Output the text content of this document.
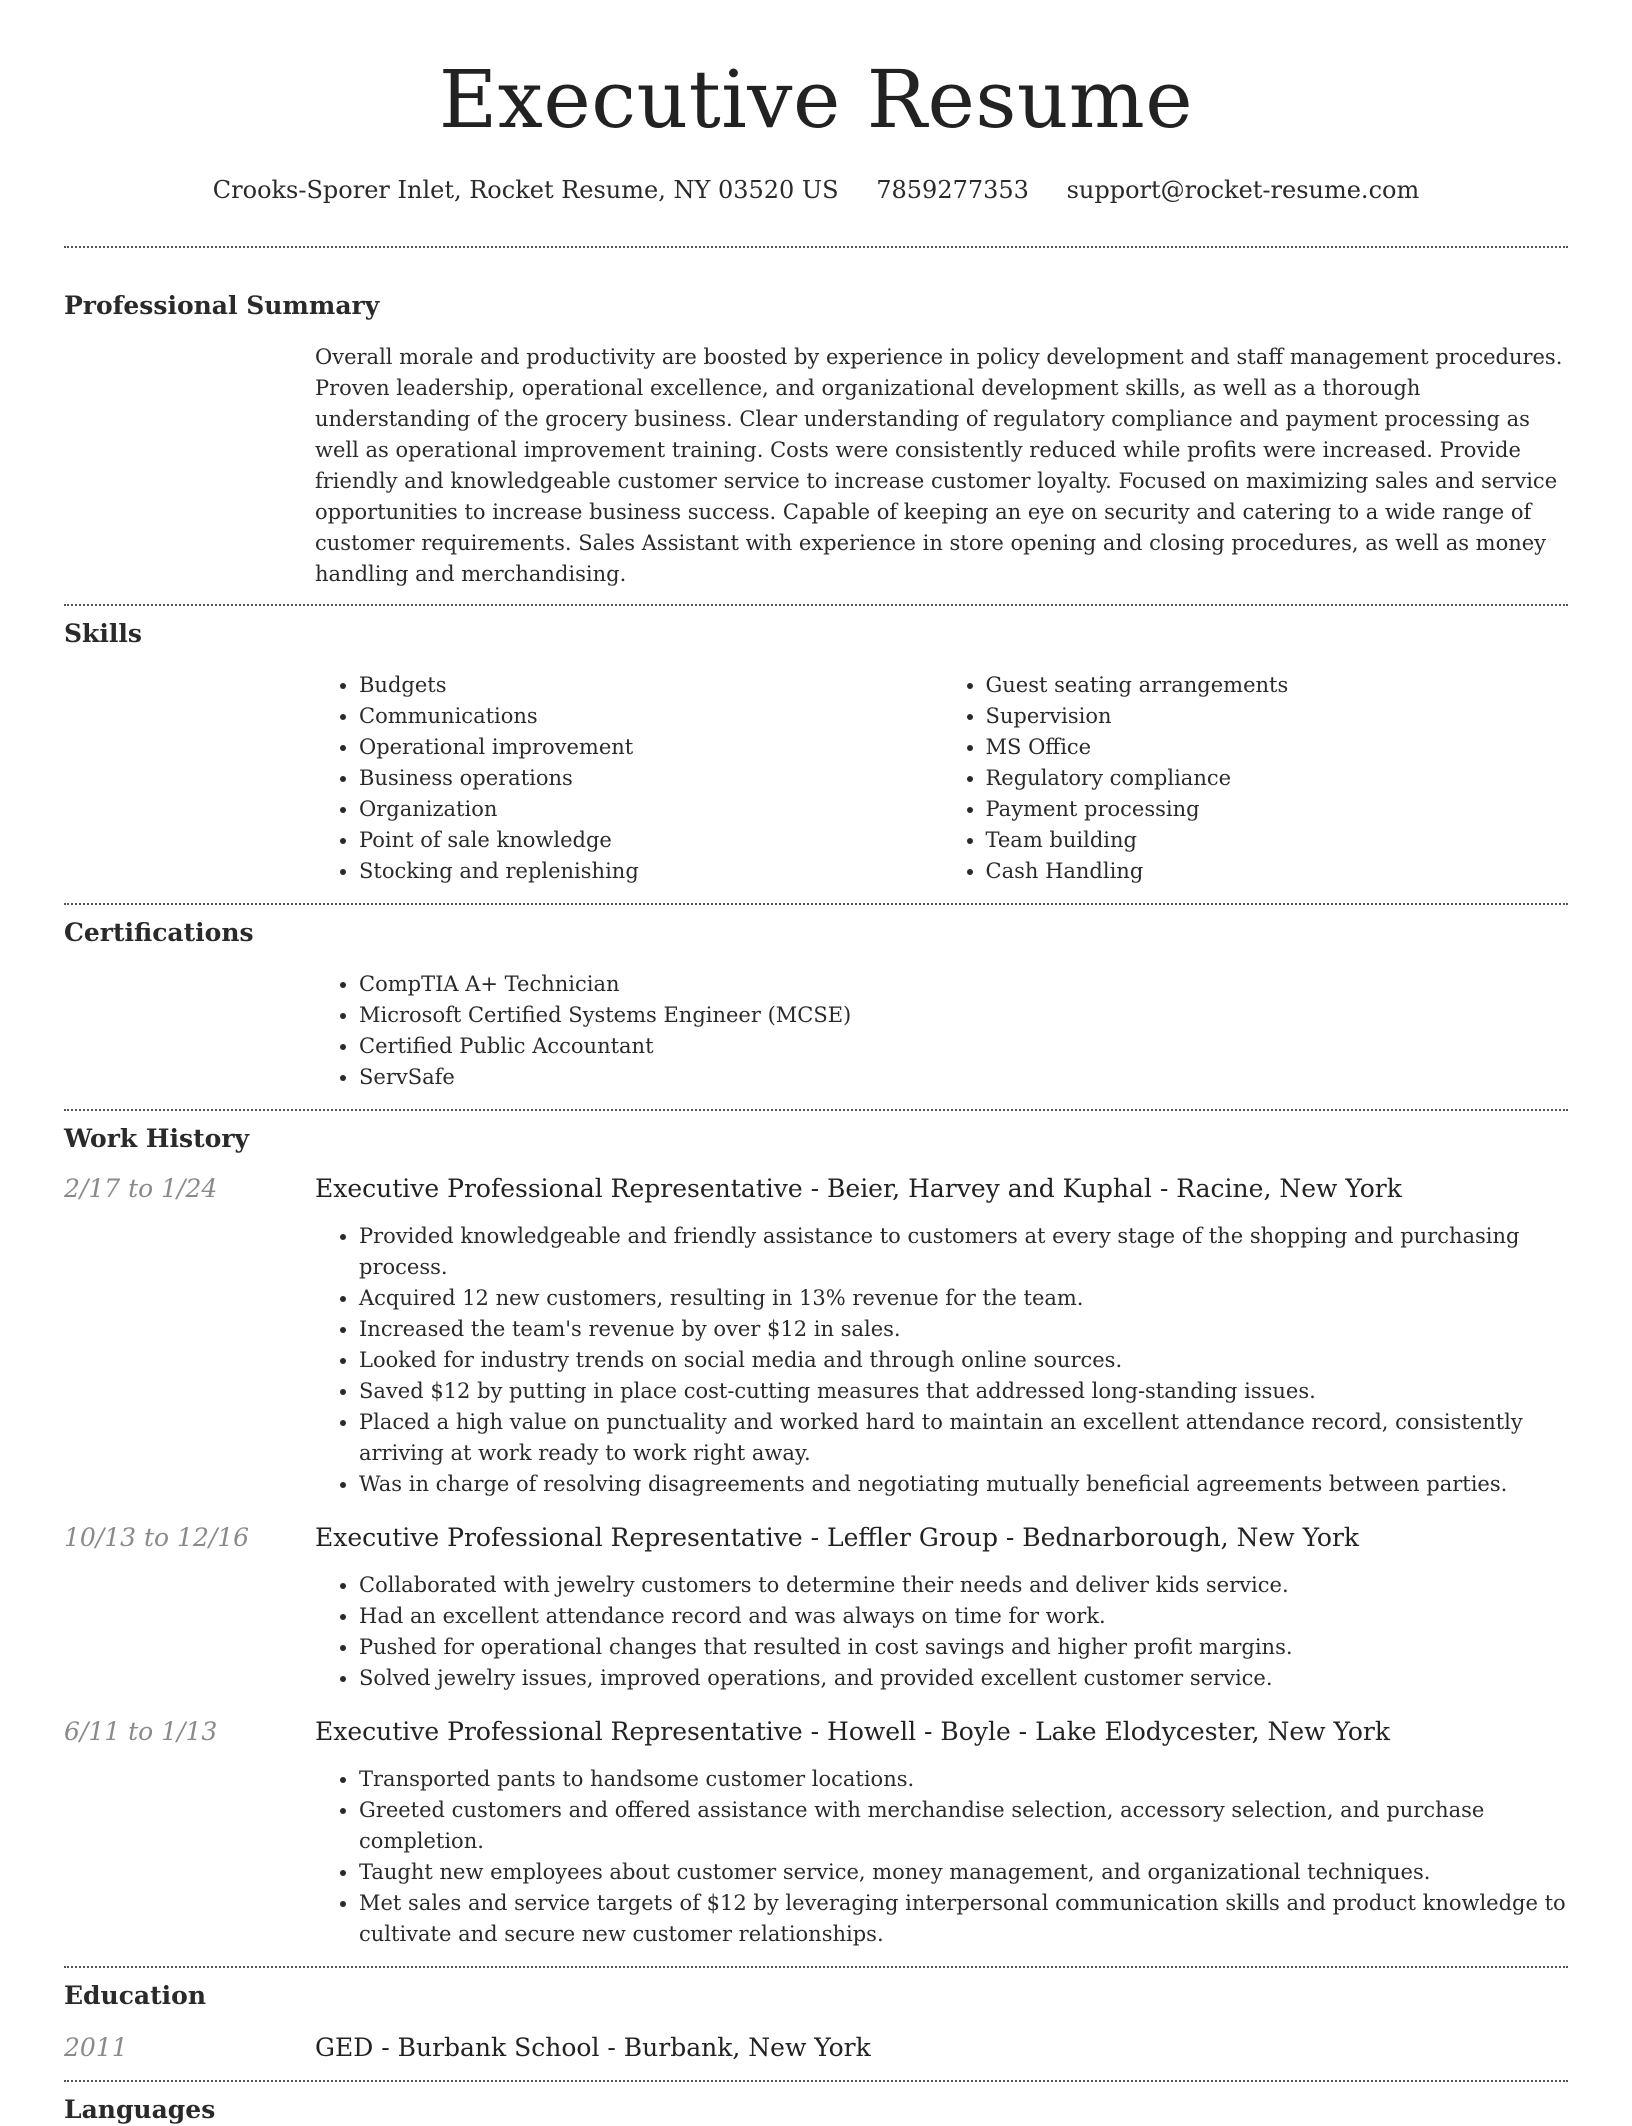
Executive Resume
Crooks-Sporer Inlet, Rocket Resume, NY 03520 US 7859277353 support@rocket-resume.com
Professional Summary
Overall morale and productivity are boosted by experience in policy development and staff management procedures. Proven leadership, operational excellence, and organizational development skills, as well as a thorough understanding of the grocery business. Clear understanding of regulatory compliance and payment processing as well as operational improvement training. Costs were consistently reduced while profits were increased. Provide friendly and knowledgeable customer service to increase customer loyalty. Focused on maximizing sales and service opportunities to increase business success. Capable of keeping an eye on security and catering to a wide range of customer requirements. Sales Assistant with experience in store opening and closing procedures, as well as money handling and merchandising.
Skills
• Budgets
• Communications
• Operational improvement
• Business operations
• Organization
• Point of sale knowledge
• Stocking and replenishing
• Guest seating arrangements
• Supervision
• MS Office
• Regulatory compliance
• Payment processing
• Team building
• Cash Handling
Certifications
• CompTIA A+ Technician
• Microsoft Certified Systems Engineer (MCSE)
• Certified Public Accountant
• ServSafe
Work History
2/17 to 1/24	Executive Professional Representative - Beier, Harvey and Kuphal - Racine, New York
• Provided knowledgeable and friendly assistance to customers at every stage of the shopping and purchasing process.
• Acquired 12 new customers, resulting in 13% revenue for the team.
• Increased the team's revenue by over $12 in sales.
• Looked for industry trends on social media and through online sources.
• Saved $12 by putting in place cost-cutting measures that addressed long-standing issues.
• Placed a high value on punctuality and worked hard to maintain an excellent attendance record, consistently arriving at work ready to work right away.
• Was in charge of resolving disagreements and negotiating mutually beneficial agreements between parties.
10/13 to 12/16	Executive Professional Representative - Leffler Group - Bednarborough, New York
• Collaborated with jewelry customers to determine their needs and deliver kids service.
• Had an excellent attendance record and was always on time for work.
• Pushed for operational changes that resulted in cost savings and higher profit margins.
• Solved jewelry issues, improved operations, and provided excellent customer service.
6/11 to 1/13	Executive Professional Representative - Howell - Boyle - Lake Elodycester, New York
• Transported pants to handsome customer locations.
• Greeted customers and offered assistance with merchandise selection, accessory selection, and purchase completion.
• Taught new employees about customer service, money management, and organizational techniques.
• Met sales and service targets of $12 by leveraging interpersonal communication skills and product knowledge to cultivate and secure new customer relationships.
Education
2011	GED - Burbank School - Burbank, New York
Languages
